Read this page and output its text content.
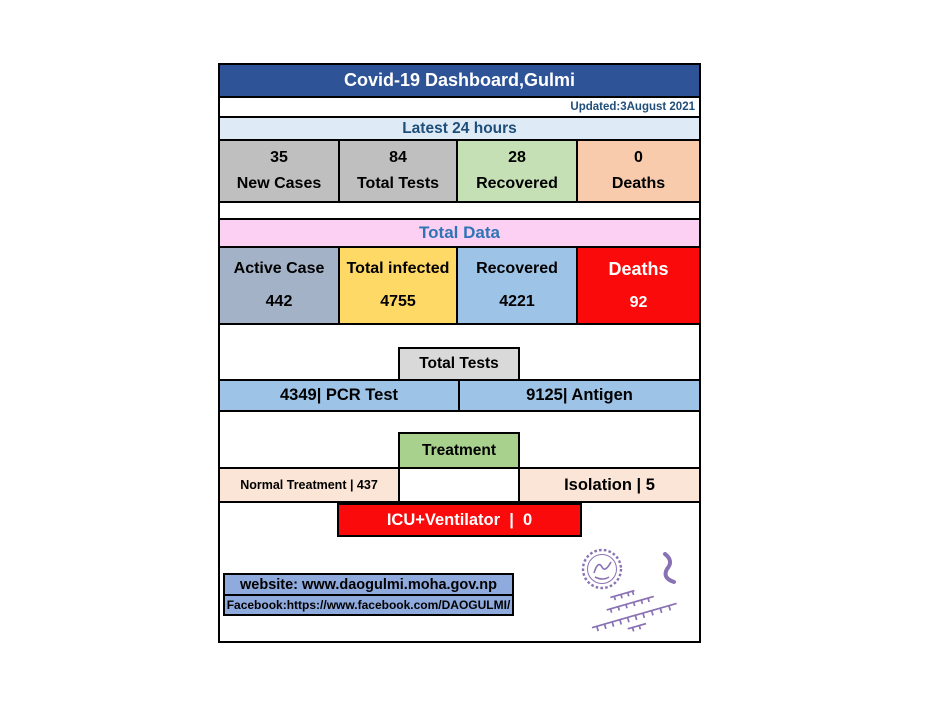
Covid-19 Dashboard,Gulmi
Updated:3August 2021
Latest 24 hours
35
New Cases
84
Total Tests
28
Recovered
0
Deaths
Total Data
Active Case
442
Total infected
4755
Recovered
4221
Deaths
92
Total Tests
4349| PCR Test	9125| Antigen
Treatment
Normal Treatment | 437	Isolation | 5
ICU+Ventilator  |  0
website: www.daogulmi.moha.gov.np
Facebook:https://www.facebook.com/DAOGULMI/
